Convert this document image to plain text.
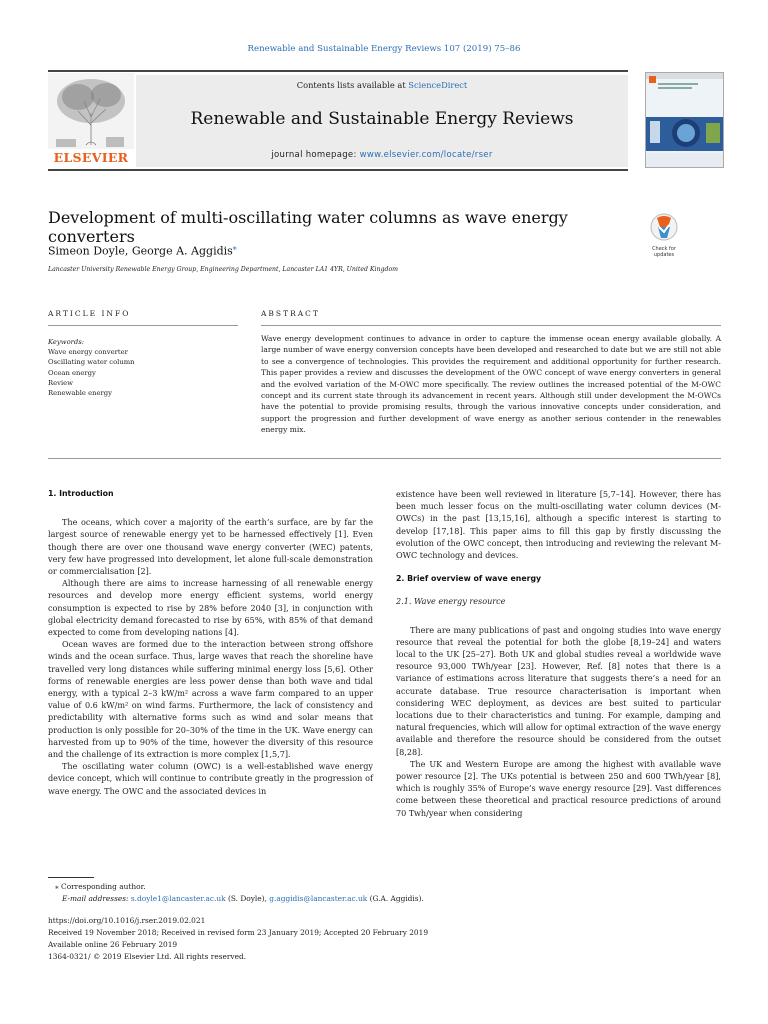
Renewable and Sustainable Energy Reviews 107 (2019) 75–86
ELSEVIER
Contents lists available at ScienceDirect
Renewable and Sustainable Energy Reviews
journal homepage: www.elsevier.com/locate/rser
Development of multi-oscillating water columns as wave energy converters
Check for updates
Simeon Doyle, George A. Aggidis⁎
Lancaster University Renewable Energy Group, Engineering Department, Lancaster LA1 4YR, United Kingdom
ARTICLE INFO	ABSTRACT
Keywords:
Wave energy converter
Oscillating water column
Ocean energy
Review
Renewable energy
Wave energy development continues to advance in order to capture the immense ocean energy available globally. A large number of wave energy conversion concepts have been developed and researched to date but we are still not able to see a convergence of technologies. This provides the requirement and additional opportunity for further research. This paper provides a review and discusses the development of the OWC concept of wave energy converters in general and the evolved variation of the M-OWC more specifically. The review outlines the increased potential of the M-OWC concept and its current state through its advancement in recent years. Although still under development the M-OWCs have the potential to provide promising results, through the various innovative concepts under consideration, and support the progression and further development of wave energy as another serious contender in the renewables energy mix.
1. Introduction

The oceans, which cover a majority of the earth’s surface, are by far the largest source of renewable energy yet to be harnessed effectively [1]. Even though there are over one thousand wave energy converter (WEC) patents, very few have progressed into development, let alone full-scale demonstration or commercialisation [2].

Although there are aims to increase harnessing of all renewable energy resources and develop more energy efficient systems, world energy consumption is expected to rise by 28% before 2040 [3], in conjunction with global electricity demand forecasted to rise by 65%, with 85% of that demand expected to come from developing nations [4].

Ocean waves are formed due to the interaction between strong offshore winds and the ocean surface. Thus, large waves that reach the shoreline have travelled very long distances while suffering minimal energy loss [5,6]. Other forms of renewable energies are less power dense than both wave and tidal energy, with a typical 2–3 kW/m² across a wave farm compared to an upper value of 0.6 kW/m² on wind farms. Furthermore, the lack of consistency and predictability with alternative forms such as wind and solar means that production is only possible for 20–30% of the time in the UK. Wave energy can harvested from up to 90% of the time, however the diversity of this resource and the challenge of its extraction is more complex [1,5,7].

The oscillating water column (OWC) is a well-established wave energy device concept, which will continue to contribute greatly in the progression of wave energy. The OWC and the associated devices in

existence have been well reviewed in literature [5,7–14]. However, there has been much lesser focus on the multi-oscillating water column devices (M-OWCs) in the past [13,15,16], although a specific interest is starting to develop [17,18]. This paper aims to fill this gap by firstly discussing the evolution of the OWC concept, then introducing and reviewing the relevant M-OWC technology and devices.

2. Brief overview of wave energy
2.1. Wave energy resource

There are many publications of past and ongoing studies into wave energy resource that reveal the potential for both the globe [8,19–24] and waters local to the UK [25–27]. Both UK and global studies reveal a worldwide wave resource 93,000 TWh/year [23]. However, Ref. [8] notes that there is a variance of estimations across literature that suggests there’s a need for an accurate database. True resource characterisation is important when considering WEC deployment, as devices are best suited to particular locations due to their characteristics and tuning. For example, damping and natural frequencies, which will allow for optimal extraction of the wave energy available and therefore the resource should be considered from the outset [8,28].

The UK and Western Europe are among the highest with available wave power resource [2]. The UKs potential is between 250 and 600 TWh/year [8], which is roughly 35% of Europe’s wave energy resource [29]. Vast differences come between these theoretical and practical resource predictions of around 70 Twh/year when considering

⁎ Corresponding author.
E-mail addresses: s.doyle1@lancaster.ac.uk (S. Doyle), g.aggidis@lancaster.ac.uk (G.A. Aggidis).
https://doi.org/10.1016/j.rser.2019.02.021
Received 19 November 2018; Received in revised form 23 January 2019; Accepted 20 February 2019
Available online 26 February 2019
1364-0321/ © 2019 Elsevier Ltd. All rights reserved.
